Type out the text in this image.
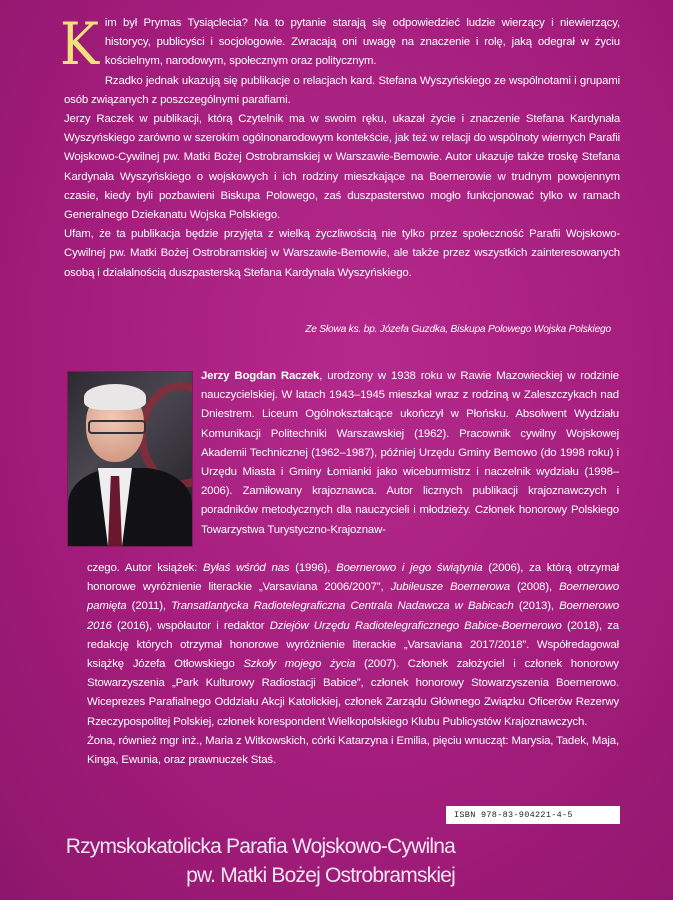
K im był Prymas Tysiąclecia? Na to pytanie starają się odpowiedzieć ludzie wierzący i niewierzący, historycy, publicyści i socjologowie. Zwracają oni uwagę na znaczenie i rolę, jaką odegrał w życiu kościelnym, narodowym, społecznym oraz politycznym.

Rzadko jednak ukazują się publikacje o relacjach kard. Stefana Wyszyńskiego ze wspólnotami i grupami osób związanych z poszczególnymi parafiami.

Jerzy Raczek w publikacji, którą Czytelnik ma w swoim ręku, ukazał życie i znaczenie Stefana Kardynała Wyszyńskiego zarówno w szerokim ogólnonarodowym kontekście, jak też w relacji do wspólnoty wiernych Parafii Wojskowo-Cywilnej pw. Matki Bożej Ostrobramskiej w Warszawie-Bemowie. Autor ukazuje także troskę Stefana Kardynała Wyszyńskiego o wojskowych i ich rodziny mieszkające na Boernerowie w trudnym powojennym czasie, kiedy byli pozbawieni Biskupa Polowego, zaś duszpasterstwo mogło funkcjonować tylko w ramach Generalnego Dziekanatu Wojska Polskiego.

Ufam, że ta publikacja będzie przyjęta z wielką życzliwością nie tylko przez społeczność Parafii Wojskowo-Cywilnej pw. Matki Bożej Ostrobramskiej w Warszawie-Bemowie, ale także przez wszystkich zainteresowanych osobą i działalnością duszpasterską Stefana Kardynała Wyszyńskiego.

Ze Słowa ks. bp. Józefa Guzdka, Biskupa Polowego Wojska Polskiego

Jerzy Bogdan Raczek, urodzony w 1938 roku w Rawie Mazowieckiej w rodzinie nauczycielskiej. W latach 1943–1945 mieszkał wraz z rodziną w Zaleszczykach nad Dniestrem. Liceum Ogólnokształcące ukończył w Płońsku. Absolwent Wydziału Komunikacji Politechniki Warszawskiej (1962). Pracownik cywilny Wojskowej Akademii Technicznej (1962–1987), później Urzędu Gminy Bemowo (do 1998 roku) i Urzędu Miasta i Gminy Łomianki jako wiceburmistrz i naczelnik wydziału (1998–2006). Zamiłowany krajoznawca. Autor licznych publikacji krajoznawczych i poradników metodycznych dla nauczycieli i młodzieży. Członek honorowy Polskiego Towarzystwa Turystyczno-Krajoznaw-

czego. Autor książek: Byłaś wśród nas (1996), Boernerowo i jego świątynia (2006), za którą otrzymał honorowe wyróżnienie literackie „Varsaviana 2006/2007”, Jubileusze Boernerowa (2008), Boernerowo pamięta (2011), Transatlantycka Radiotelegraficzna Centrala Nadawcza w Babicach (2013), Boernerowo 2016 (2016), współautor i redaktor Dziejów Urzędu Radiotelegraficznego Babice-Boernerowo (2018), za redakcję których otrzymał honorowe wyróżnienie literackie „Varsaviana 2017/2018”. Współredagował książkę Józefa Otłowskiego Szkoły mojego życia (2007). Członek założyciel i członek honorowy Stowarzyszenia „Park Kulturowy Radiostacji Babice”, członek honorowy Stowarzyszenia Boernerowo. Wiceprezes Parafialnego Oddziału Akcji Katolickiej, członek Zarządu Głównego Związku Oficerów Rezerwy Rzeczypospolitej Polskiej, członek korespondent Wielkopolskiego Klubu Publicystów Krajoznawczych.

Żona, również mgr inż., Maria z Witkowskich, córki Katarzyna i Emilia, pięciu wnucząt: Marysia, Tadek, Maja, Kinga, Ewunia, oraz prawnuczek Staś.

ISBN 978-83-904221-4-5
Rzymskokatolicka Parafia Wojskowo-Cywilna
pw. Matki Bożej Ostrobramskiej
